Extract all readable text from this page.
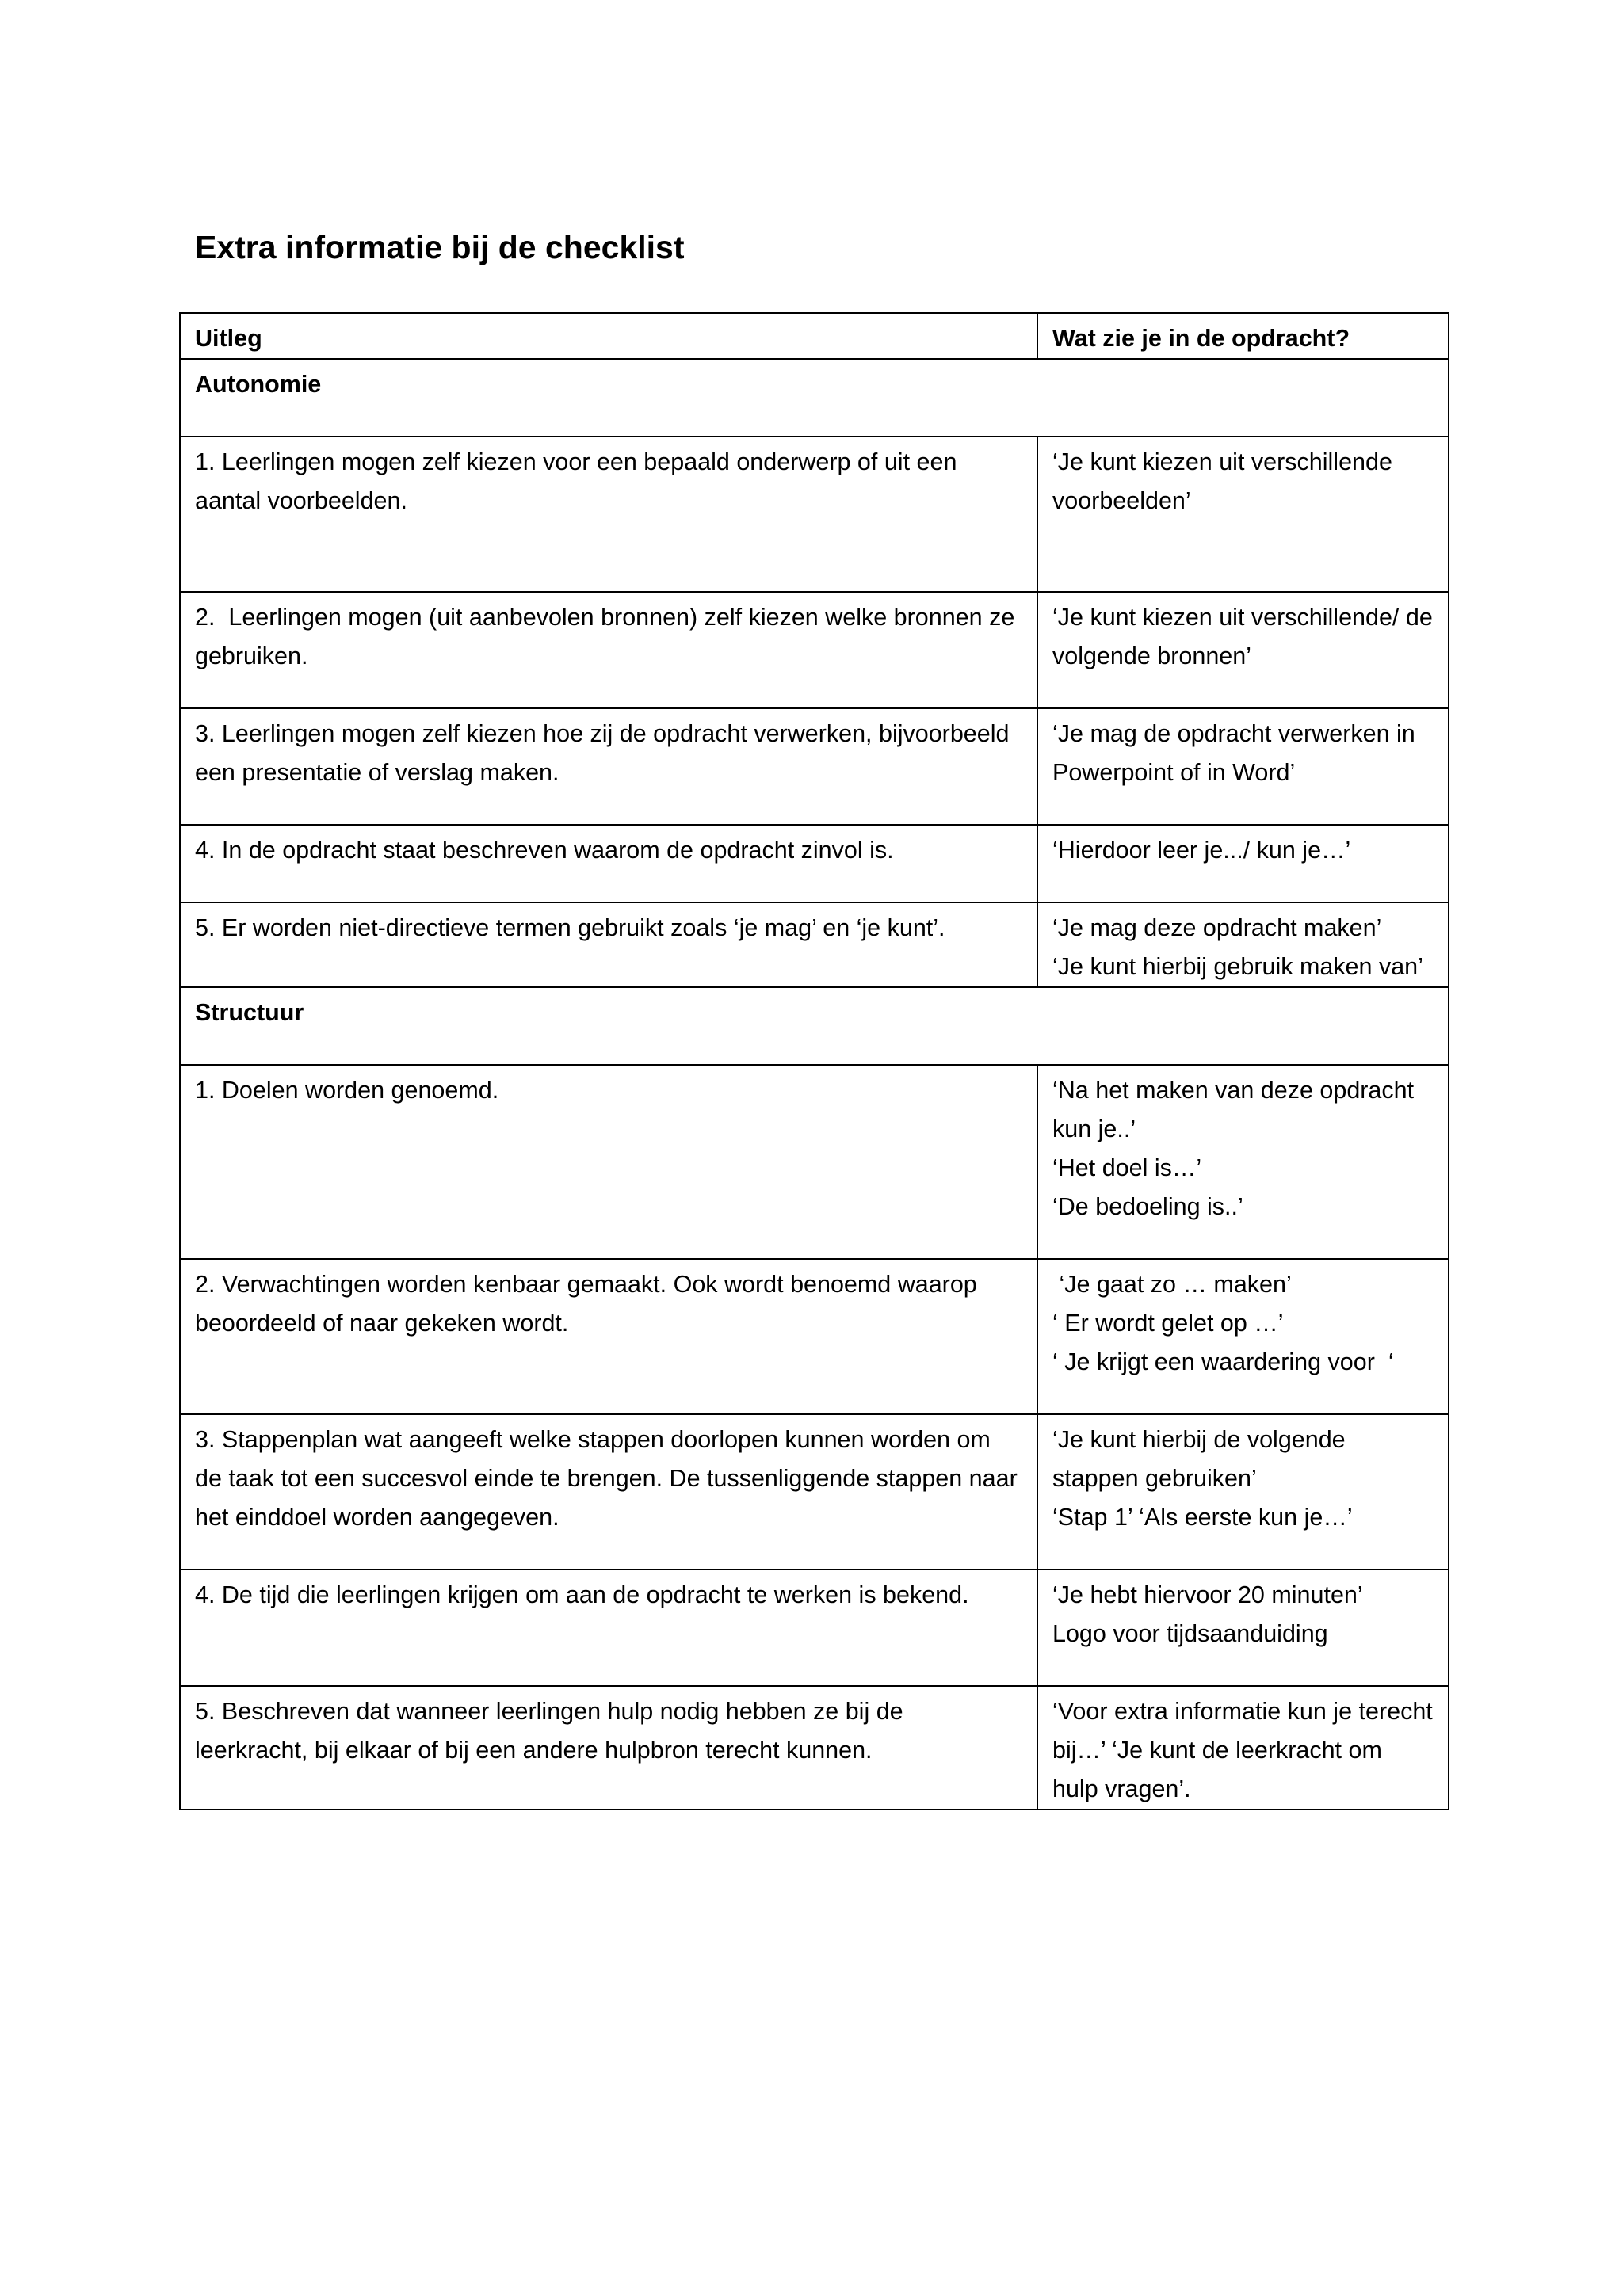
Extra informatie bij de checklist
Uitleg	Wat zie je in de opdracht?
Autonomie	
1. Leerlingen mogen zelf kiezen voor een bepaald onderwerp of uit een aantal voorbeelden.	‘Je kunt kiezen uit verschillende voorbeelden’

2.  Leerlingen mogen (uit aanbevolen bronnen) zelf kiezen welke bronnen ze gebruiken.	‘Je kunt kiezen uit verschillende/ de volgende bronnen’

3. Leerlingen mogen zelf kiezen hoe zij de opdracht verwerken, bijvoorbeeld een presentatie of verslag maken.	‘Je mag de opdracht verwerken in Powerpoint of in Word’

4. In de opdracht staat beschreven waarom de opdracht zinvol is.	‘Hierdoor leer je.../ kun je…’

5. Er worden niet-directieve termen gebruikt zoals ‘je mag’ en ‘je kunt’.	‘Je mag deze opdracht maken’
‘Je kunt hierbij gebruik maken van’

Structuur	
1. Doelen worden genoemd.	‘Na het maken van deze opdracht kun je..’
‘Het doel is…’
‘De bedoeling is..’

2. Verwachtingen worden kenbaar gemaakt. Ook wordt benoemd waarop beoordeeld of naar gekeken wordt.	‘Je gaat zo … maken’
‘ Er wordt gelet op …’
‘ Je krijgt een waardering voor  ‘

3. Stappenplan wat aangeeft welke stappen doorlopen kunnen worden om de taak tot een succesvol einde te brengen. De tussenliggende stappen naar het einddoel worden aangegeven.	‘Je kunt hierbij de volgende stappen gebruiken’
‘Stap 1’ ‘Als eerste kun je…’

4. De tijd die leerlingen krijgen om aan de opdracht te werken is bekend.	‘Je hebt hiervoor 20 minuten’
Logo voor tijdsaanduiding

5. Beschreven dat wanneer leerlingen hulp nodig hebben ze bij de leerkracht, bij elkaar of bij een andere hulpbron terecht kunnen.	‘Voor extra informatie kun je terecht bij…’ ‘Je kunt de leerkracht om hulp vragen’.
